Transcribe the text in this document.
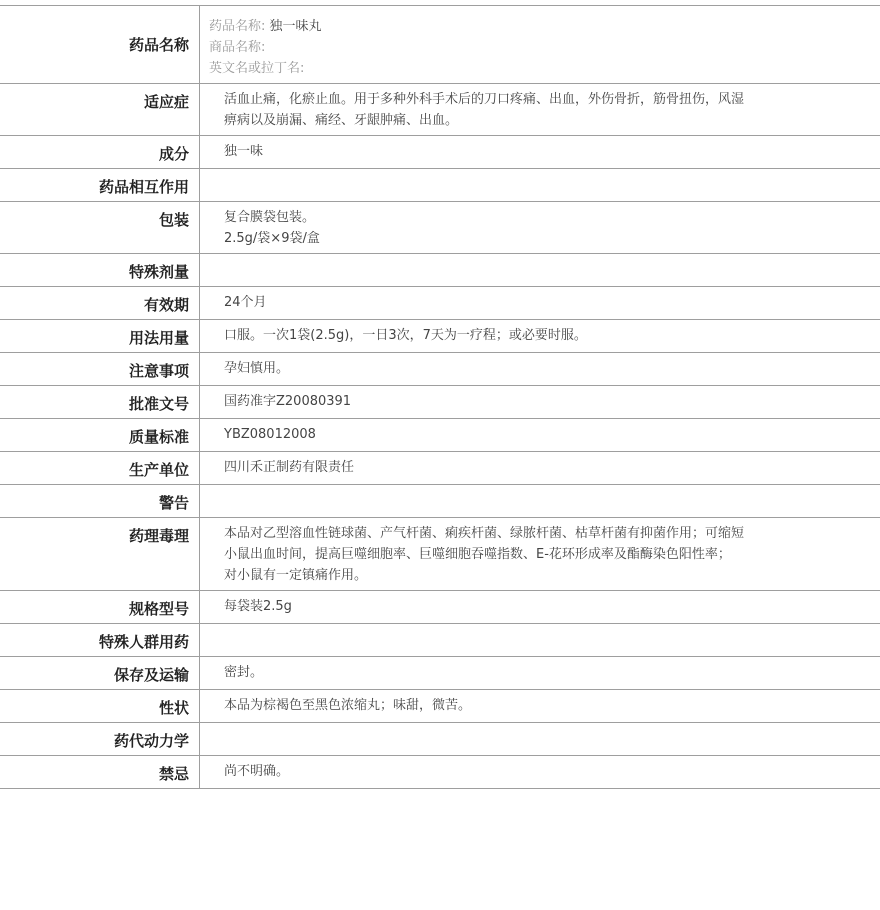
药品名称
药品名称: 独一味丸
商品名称:
英文名或拉丁名:
适应症	活血止痛，化瘀止血。用于多种外科手术后的刀口疼痛、出血，外伤骨折，筋骨扭伤，风湿
痹病以及崩漏、痛经、牙龈肿痛、出血。
成分	独一味
药品相互作用
包装	复合膜袋包装。
2.5g/袋×9袋/盒
特殊剂量
有效期	24个月
用法用量	口服。一次1袋(2.5g)，一日3次，7天为一疗程；或必要时服。
注意事项	孕妇慎用。
批准文号	国药准字Z20080391
质量标准	YBZ08012008
生产单位	四川禾正制药有限责任
警告
药理毒理	本品对乙型溶血性链球菌、产气杆菌、痢疾杆菌、绿脓杆菌、枯草杆菌有抑菌作用；可缩短
小鼠出血时间，提高巨噬细胞率、巨噬细胞吞噬指数、E-花环形成率及酯酶染色阳性率；
对小鼠有一定镇痛作用。
规格型号	每袋装2.5g
特殊人群用药
保存及运输	密封。
性状	本品为棕褐色至黑色浓缩丸；味甜，微苦。
药代动力学
禁忌	尚不明确。
